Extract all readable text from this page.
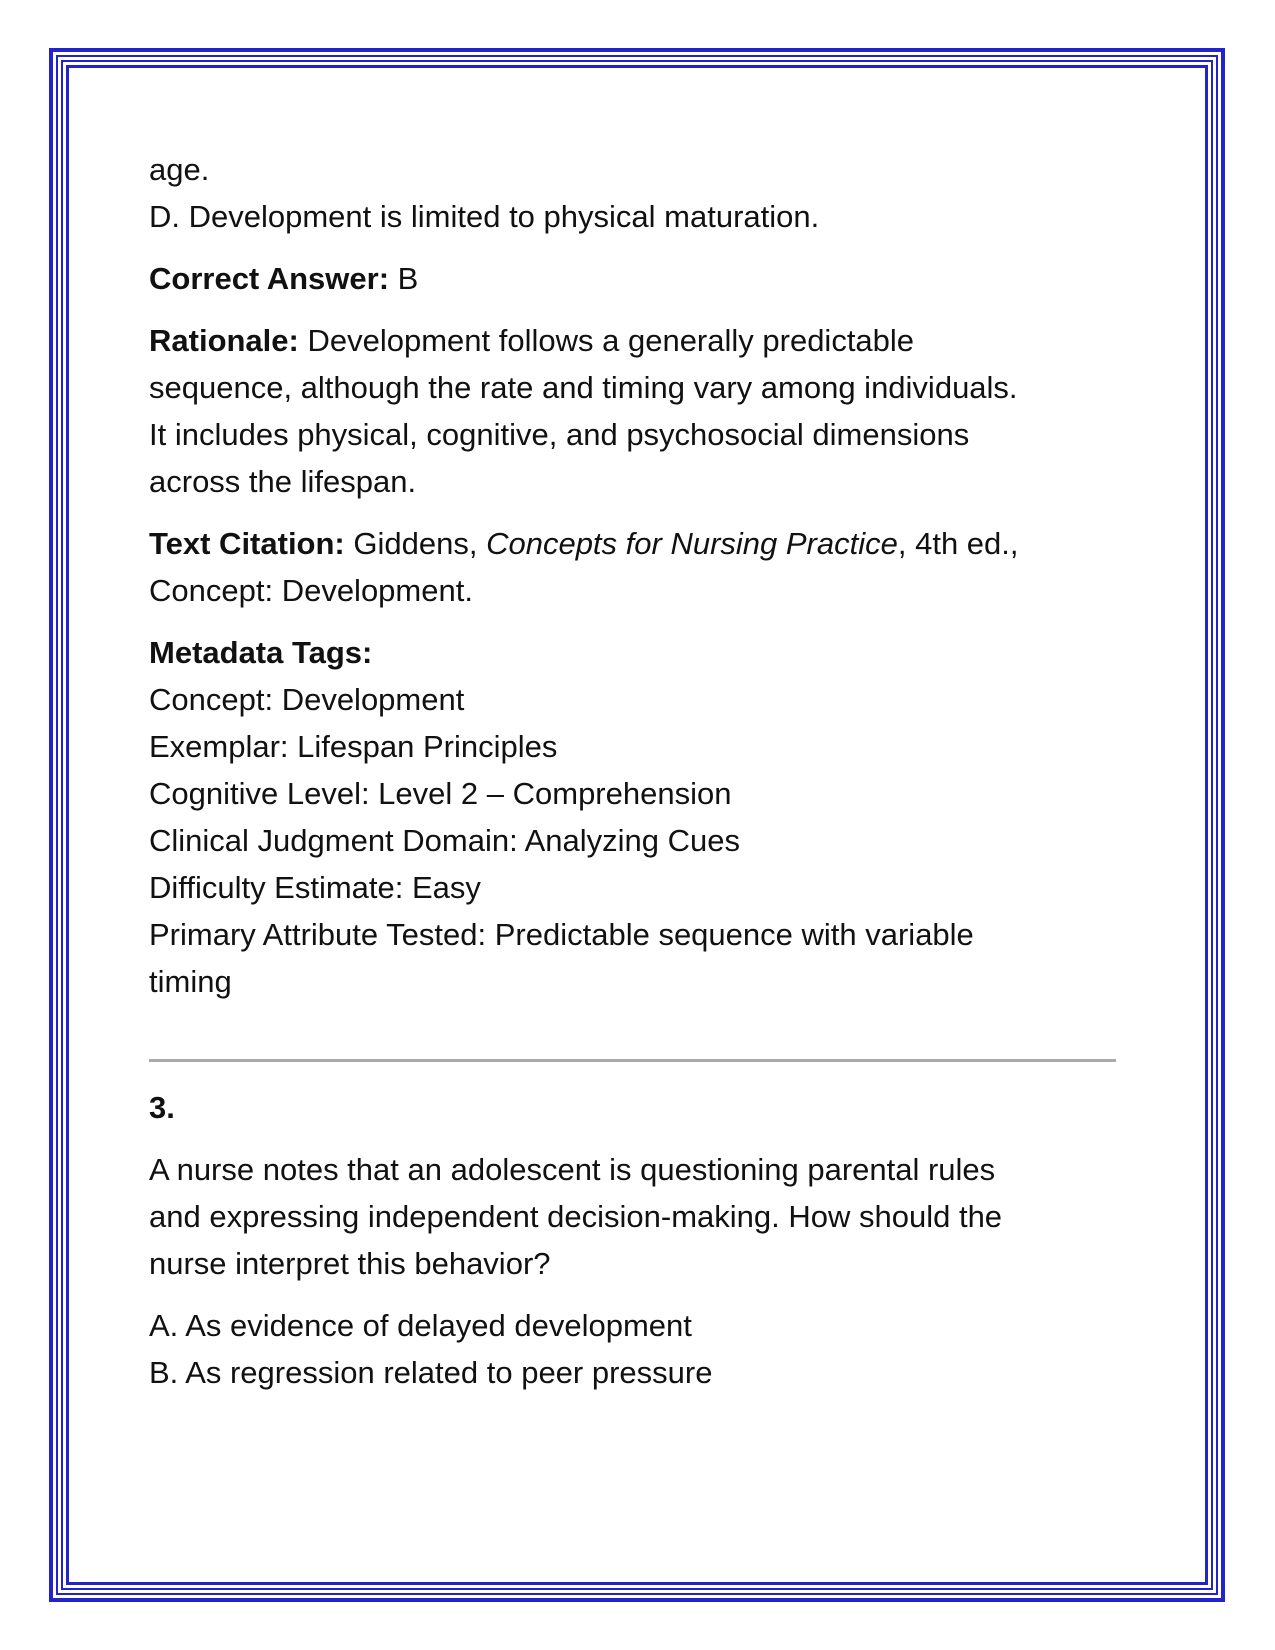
age.
D. Development is limited to physical maturation.
Correct Answer: B
Rationale: Development follows a generally predictable
sequence, although the rate and timing vary among individuals.
It includes physical, cognitive, and psychosocial dimensions
across the lifespan.
Text Citation: Giddens, Concepts for Nursing Practice, 4th ed.,
Concept: Development.
Metadata Tags:
Concept: Development
Exemplar: Lifespan Principles
Cognitive Level: Level 2 – Comprehension
Clinical Judgment Domain: Analyzing Cues
Difficulty Estimate: Easy
Primary Attribute Tested: Predictable sequence with variable
timing
3.
A nurse notes that an adolescent is questioning parental rules
and expressing independent decision-making. How should the
nurse interpret this behavior?
A. As evidence of delayed development
B. As regression related to peer pressure
